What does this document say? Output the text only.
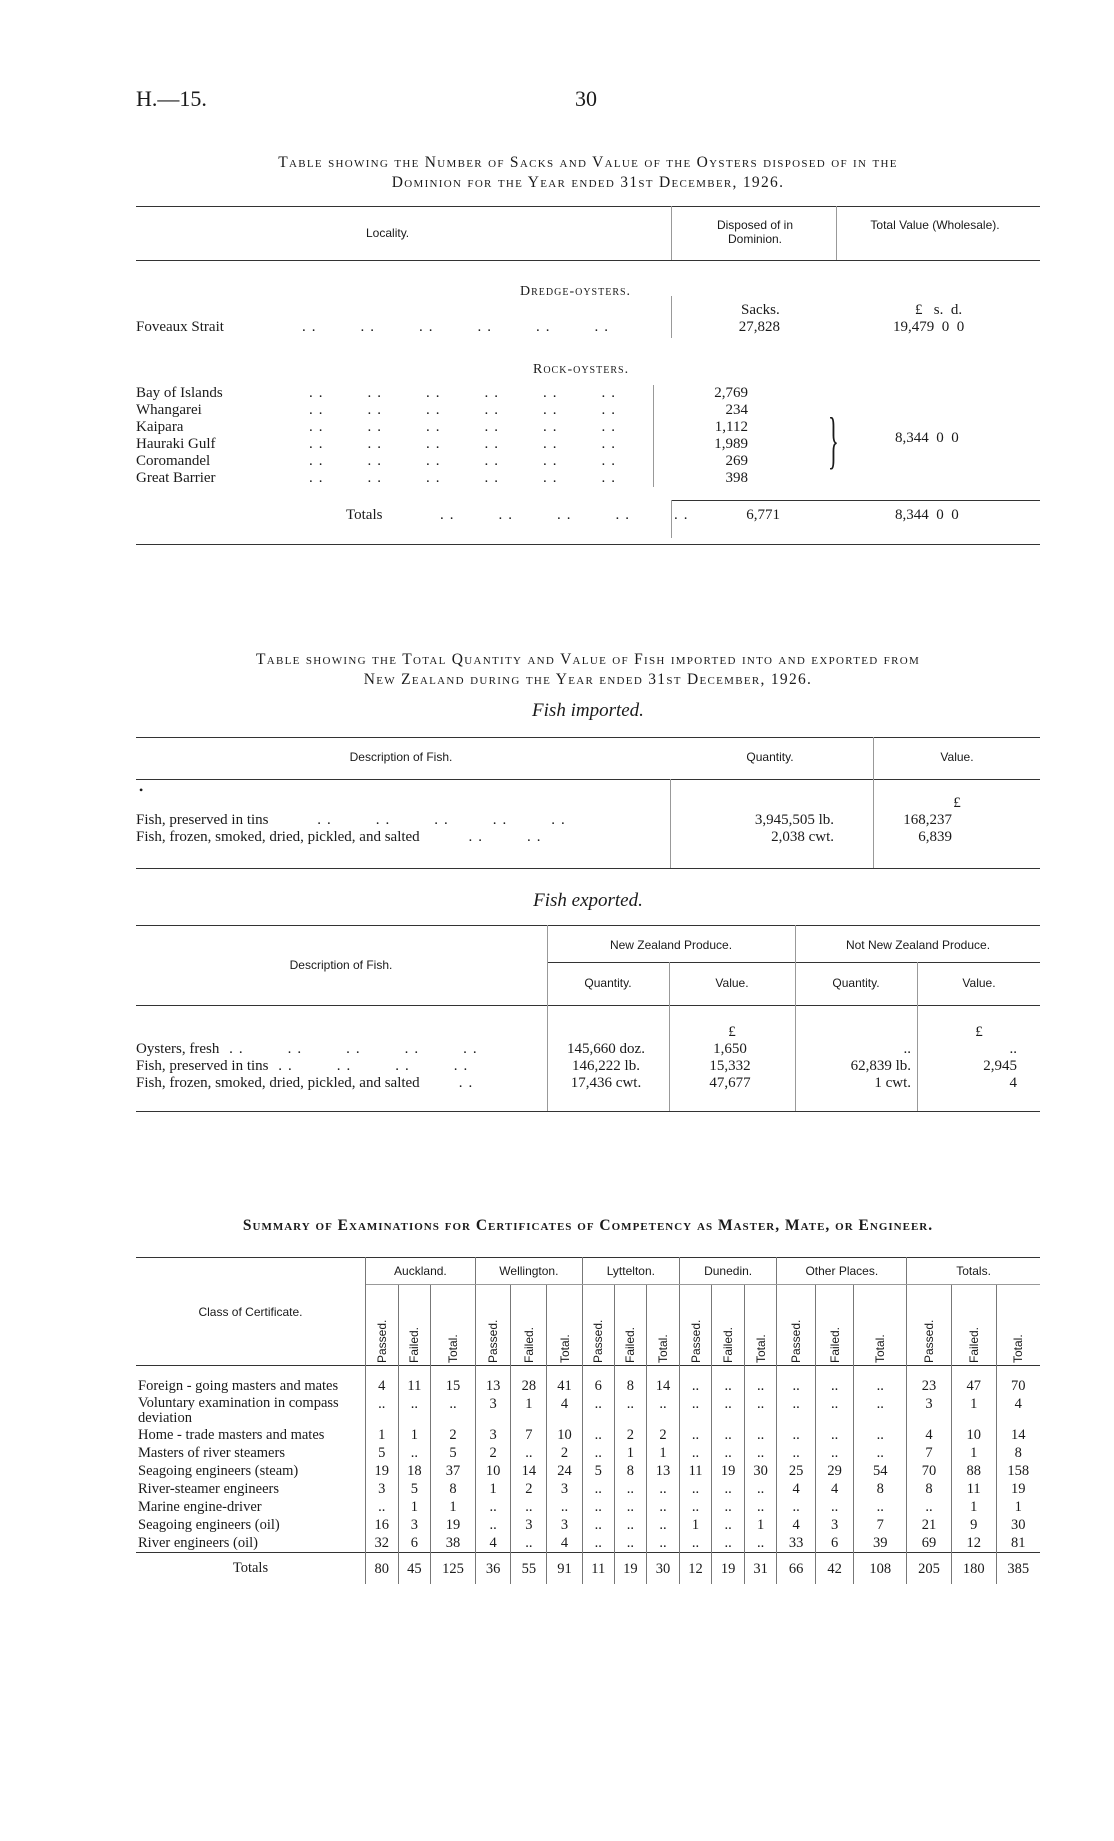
H.—15.	30
Table showing the Number of Sacks and Value of the Oysters disposed of in the
Dominion for the Year ended 31st December, 1926.
Locality.
Disposed of in Dominion.
Total Value (Wholesale).
Dredge-oysters.
Sacks.	£   s.  d.
Foveaux Strait	..    ..    ..    ..    ..    ..	27,828	19,479  0  0
Rock-oysters.
Bay of Islands	..    ..    ..    ..    ..    ..	2,769
Whangarei	..    ..    ..    ..    ..    ..	234
Kaipara	..    ..    ..    ..    ..    ..	1,112
Hauraki Gulf	..    ..    ..    ..    ..    ..	1,989
Coromandel	..    ..    ..    ..    ..    ..	269
Great Barrier	..    ..    ..    ..    ..    ..	398
}	8,344  0  0
Totals	..    ..    ..    ..    ..	6,771	8,344  0  0
Table showing the Total Quantity and Value of Fish imported into and exported from
New Zealand during the Year ended 31st December, 1926.
Fish imported.
Description of Fish.	Quantity.	Value.
•
£
Fish, preserved in tins     ..    ..    ..    ..    ..	3,945,505 lb.	168,237
Fish, frozen, smoked, dried, pickled, and salted     ..    ..	2,038 cwt.	6,839
Fish exported.
Description of Fish.
New Zealand Produce.	Not New Zealand Produce.
Quantity.	Value.	Quantity.	Value.
£	£
Oysters, fresh ..    ..    ..    ..    ..	145,660 doz.	1,650	..	..
Fish, preserved in tins ..    ..    ..    ..	146,222 lb.	15,332	62,839 lb.	2,945
Fish, frozen, smoked, dried, pickled, and salted    ..	17,436 cwt.	47,677	1 cwt.	4
Summary of Examinations for Certificates of Competency as Master, Mate, or Engineer.
Class of Certificate.	Auckland.			Wellington.			Lyttelton.			Dunedin.			Other Places.			Totals.		
	Passed.	Failed.	Total.	Passed.	Failed.	Total.	Passed.	Failed.	Total.	Passed.	Failed.	Total.	Passed.	Failed.	Total.	Passed.	Failed.	Total.
Foreign - going masters and mates	4	11	15	13	28	41	6	8	14	..	..	..	..	..	..	23	47	70
Voluntary examination in compass deviation	..	..	..	3	1	4	..	..	..	..	..	..	..	..	..	3	1	4
Home - trade masters and mates	1	1	2	3	7	10	..	2	2	..	..	..	..	..	..	4	10	14
Masters of river steamers	5	..	5	2	..	2	..	1	1	..	..	..	..	..	..	7	1	8
Seagoing engineers (steam)	19	18	37	10	14	24	5	8	13	11	19	30	25	29	54	70	88	158
River-steamer engineers	3	5	8	1	2	3	..	..	..	..	..	..	4	4	8	8	11	19
Marine engine-driver	..	1	1	..	..	..	..	..	..	..	..	..	..	..	..	..	1	1
Seagoing engineers (oil)	16	3	19	..	3	3	..	..	..	1	..	1	4	3	7	21	9	30
River engineers (oil)	32	6	38	4	..	4	..	..	..	..	..	..	33	6	39	69	12	81
Totals	80	45	125	36	55	91	11	19	30	12	19	31	66	42	108	205	180	385
